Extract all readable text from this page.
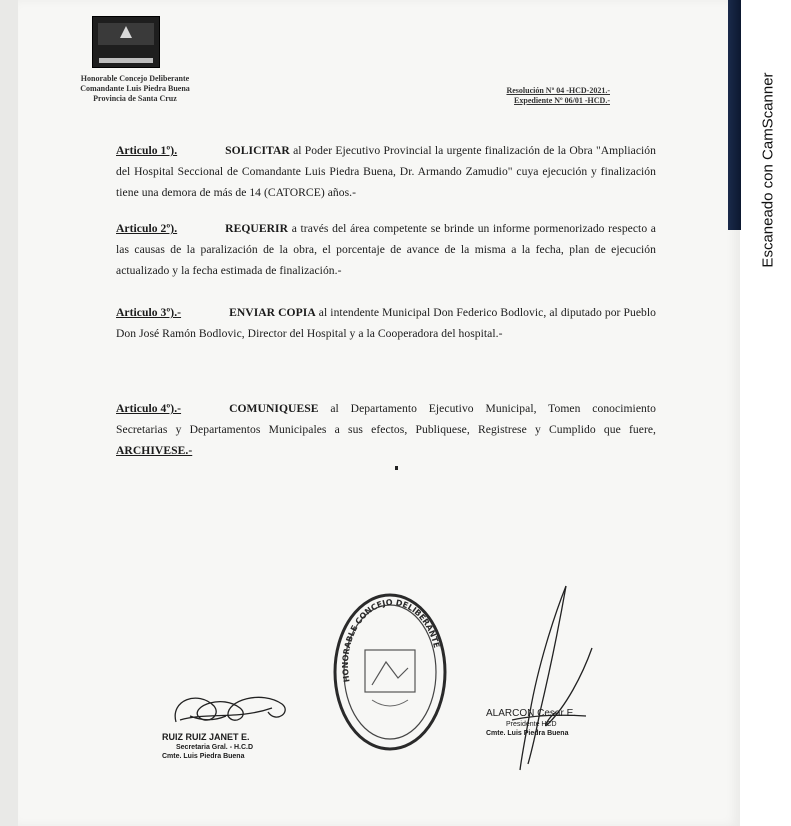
Escaneado con CamScanner
Honorable Concejo Deliberante
Comandante Luis Piedra Buena
Provincia de Santa Cruz
Resolución Nº 04 -HCD-2021.-
Expediente Nº 06/01 -HCD.-
Articulo 1º).	SOLICITAR al Poder Ejecutivo Provincial la urgente finalización de la Obra "Ampliación del Hospital Seccional de Comandante Luis Piedra Buena, Dr. Armando Zamudio" cuya ejecución y finalización tiene una demora de más de 14 (CATORCE) años.-
Articulo 2º).	REQUERIR a través del área competente se brinde un informe pormenorizado respecto a las causas de la paralización de la obra, el porcentaje de avance de la misma a la fecha, plan de ejecución actualizado y la fecha estimada de finalización.-
Articulo 3º).-	ENVIAR COPIA al intendente Municipal Don Federico Bodlovic, al diputado por Pueblo Don José Ramón Bodlovic, Director del Hospital y a la Cooperadora del hospital.-
Articulo 4º).-	COMUNIQUESE al Departamento Ejecutivo Municipal, Tomen conocimiento Secretarias y Departamentos Municipales a sus efectos, Publiquese, Registrese y Cumplido que fuere, ARCHIVESE.-
HONORABLE CONCEJO DELIBERANTE
RUIZ RUIZ JANET E.
Secretaria Gral. - H.C.D
Cmte. Luis Piedra Buena
ALARCON Cesar E.
Presidente HCD
Cmte. Luis Piedra Buena
